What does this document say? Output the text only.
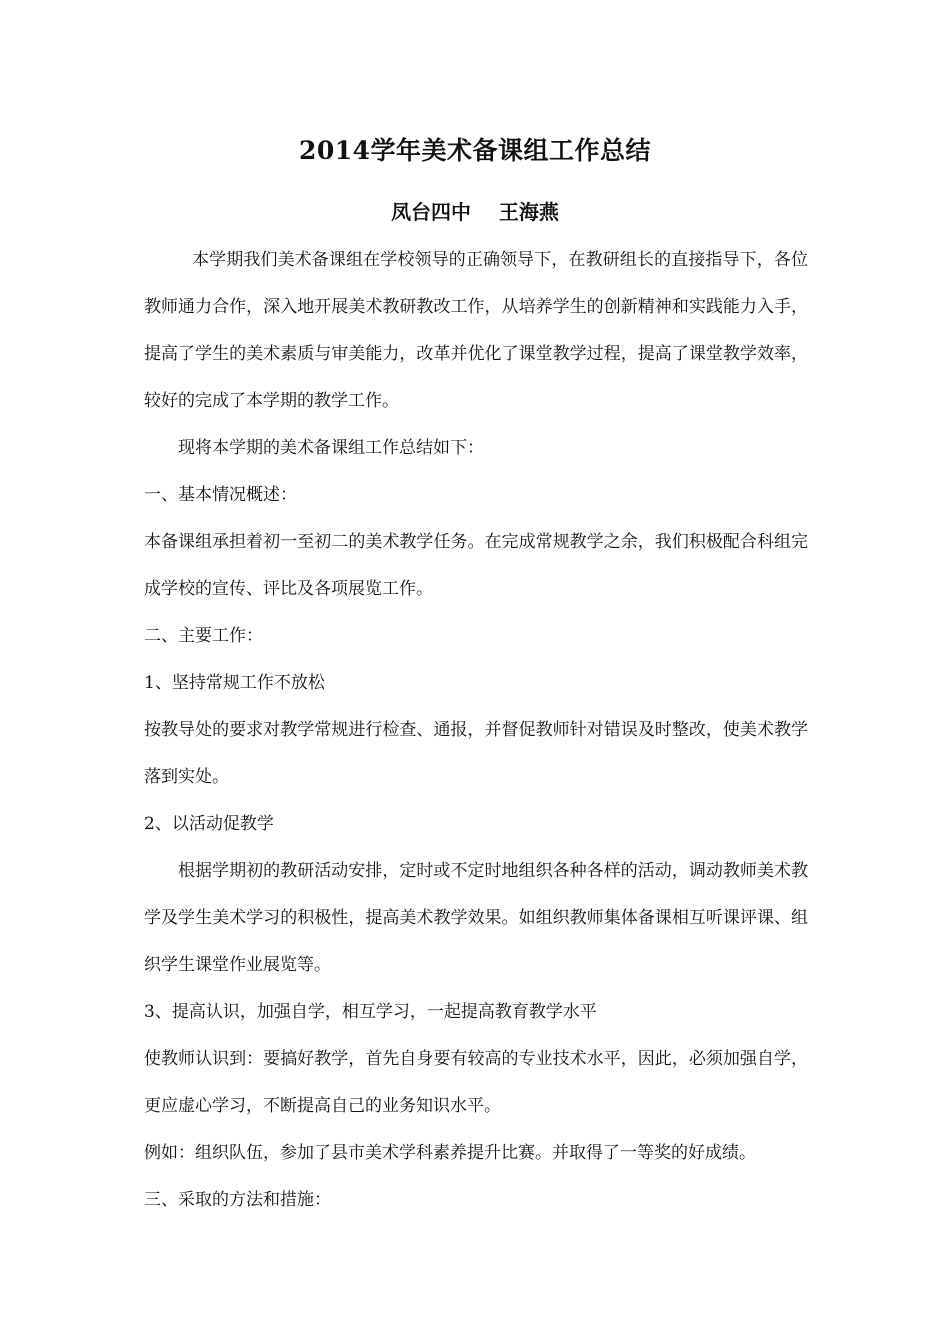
2014学年美术备课组工作总结
凤台四中    王海燕

本学期我们美术备课组在学校领导的正确领导下，在教研组长的直接指导下，各位教师通力合作，深入地开展美术教研教改工作，从培养学生的创新精神和实践能力入手，提高了学生的美术素质与审美能力，改革并优化了课堂教学过程，提高了课堂教学效率，较好的完成了本学期的教学工作。

现将本学期的美术备课组工作总结如下：

一、基本情况概述：

本备课组承担着初一至初二的美术教学任务。在完成常规教学之余，我们积极配合科组完成学校的宣传、评比及各项展览工作。

二、主要工作：

1、坚持常规工作不放松

按教导处的要求对教学常规进行检查、通报，并督促教师针对错误及时整改，使美术教学落到实处。

2、以活动促教学

根据学期初的教研活动安排，定时或不定时地组织各种各样的活动，调动教师美术教学及学生美术学习的积极性，提高美术教学效果。如组织教师集体备课相互听课评课、组织学生课堂作业展览等。

3、提高认识，加强自学，相互学习，一起提高教育教学水平

使教师认识到：要搞好教学，首先自身要有较高的专业技术水平，因此，必须加强自学，更应虚心学习，不断提高自己的业务知识水平。

例如：组织队伍，参加了县市美术学科素养提升比赛。并取得了一等奖的好成绩。

三、采取的方法和措施：
